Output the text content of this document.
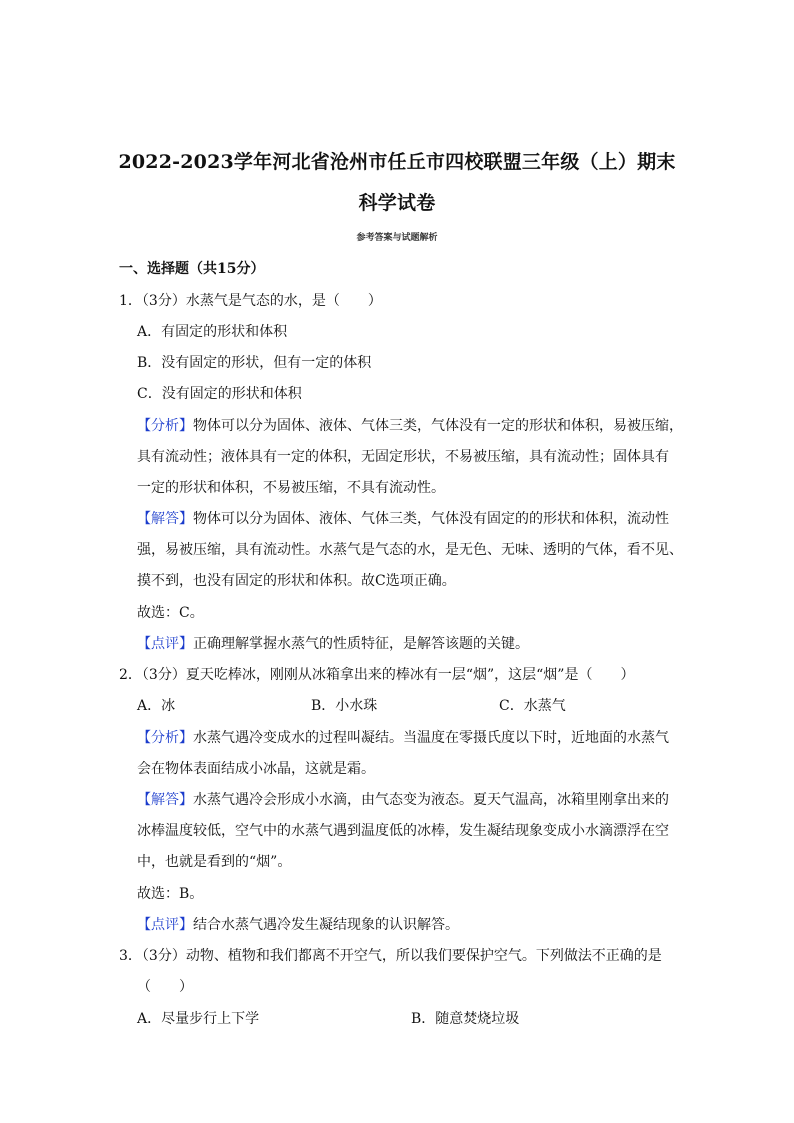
2022-2023学年河北省沧州市任丘市四校联盟三年级（上）期末
科学试卷
参考答案与试题解析
一、选择题（共15分）
1．（3分）水蒸气是气态的水，是（　　）
A．有固定的形状和体积
B．没有固定的形状，但有一定的体积
C．没有固定的形状和体积
【分析】物体可以分为固体、液体、气体三类，气体没有一定的形状和体积，易被压缩，
具有流动性；液体具有一定的体积，无固定形状，不易被压缩，具有流动性；固体具有
一定的形状和体积，不易被压缩，不具有流动性。
【解答】物体可以分为固体、液体、气体三类，气体没有固定的的形状和体积，流动性
强，易被压缩，具有流动性。水蒸气是气态的水，是无色、无味、透明的气体，看不见、
摸不到，也没有固定的形状和体积。故C选项正确。
故选：C。
【点评】正确理解掌握水蒸气的性质特征，是解答该题的关键。
2．（3分）夏天吃棒冰，刚刚从冰箱拿出来的棒冰有一层“烟”，这层“烟”是（　　）
A．冰	B．小水珠	C．水蒸气
【分析】水蒸气遇冷变成水的过程叫凝结。当温度在零摄氏度以下时，近地面的水蒸气
会在物体表面结成小冰晶，这就是霜。
【解答】水蒸气遇冷会形成小水滴，由气态变为液态。夏天气温高，冰箱里刚拿出来的
冰棒温度较低，空气中的水蒸气遇到温度低的冰棒，发生凝结现象变成小水滴漂浮在空
中，也就是看到的“烟”。
故选：B。
【点评】结合水蒸气遇冷发生凝结现象的认识解答。
3．（3分）动物、植物和我们都离不开空气，所以我们要保护空气。下列做法不正确的是
（　　）
A．尽量步行上下学	B．随意焚烧垃圾
